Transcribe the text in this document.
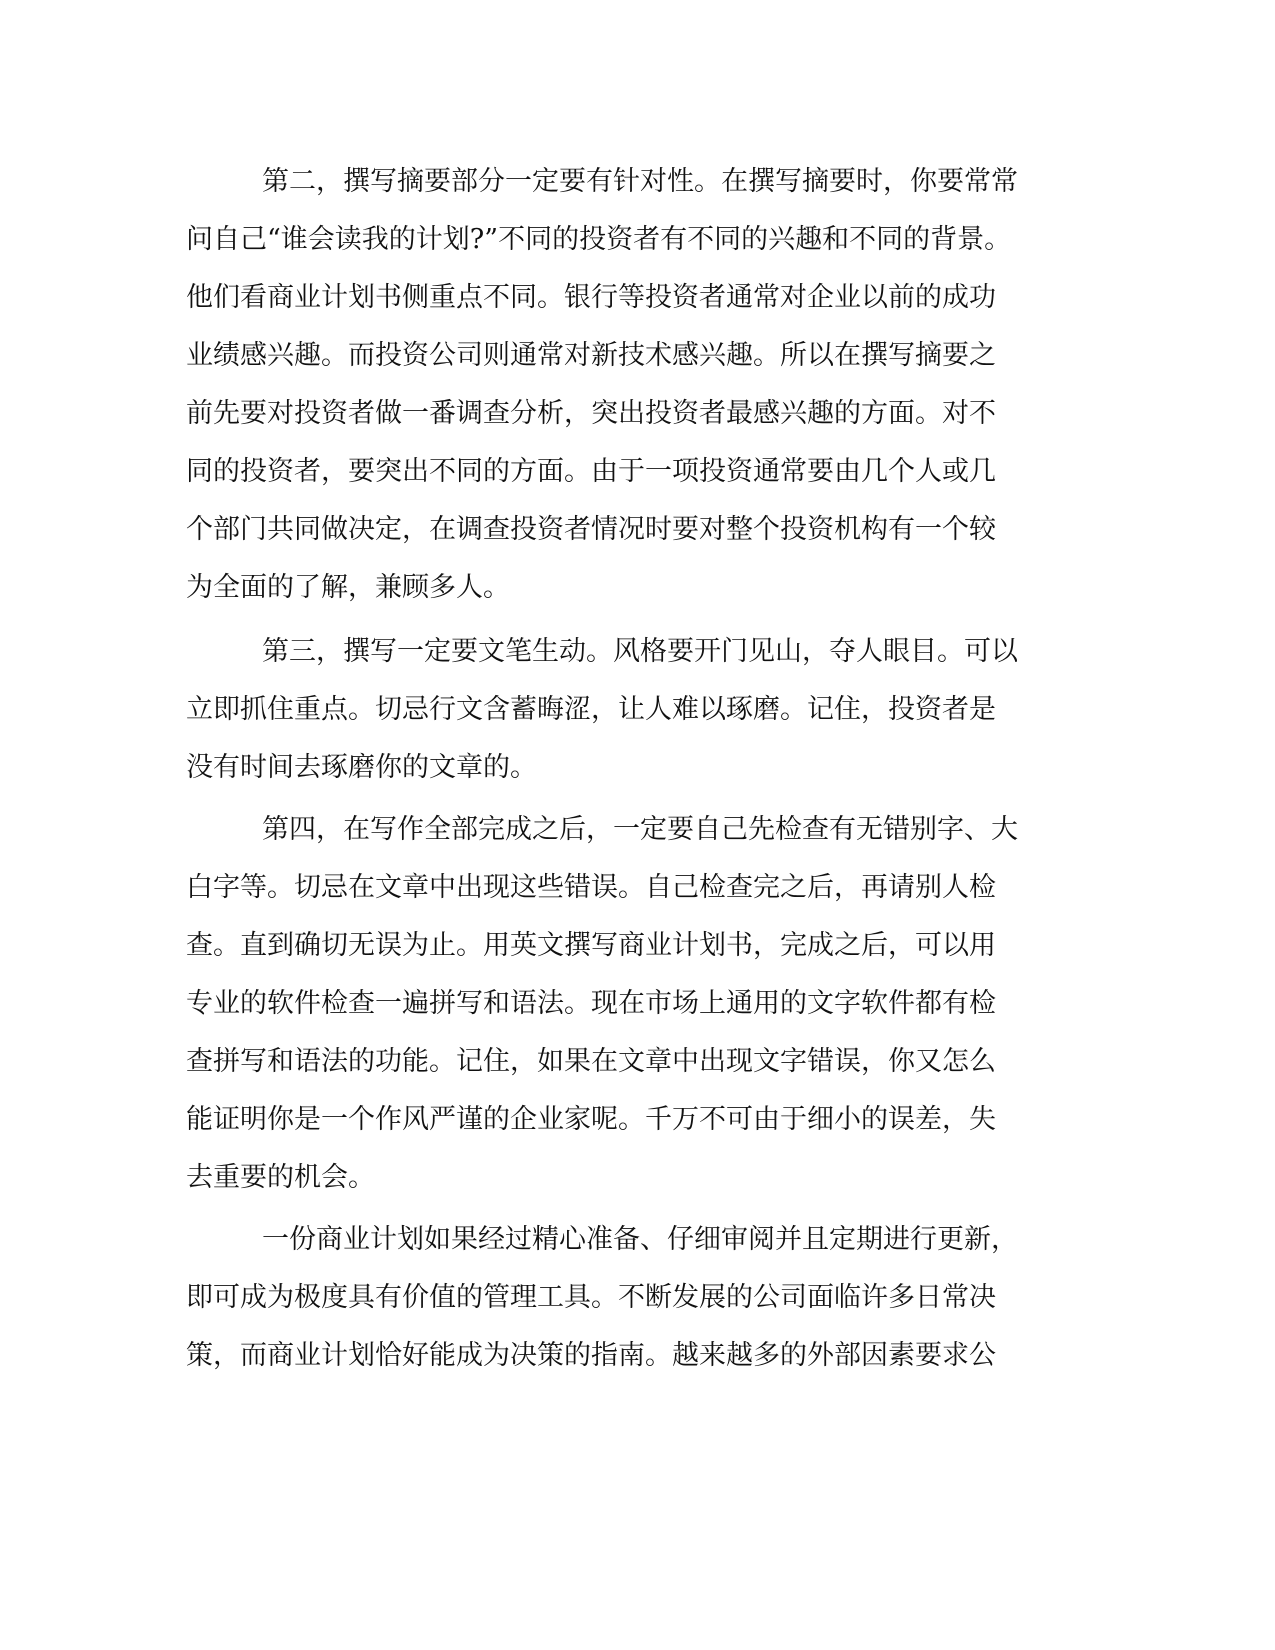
第二，撰写摘要部分一定要有针对性。在撰写摘要时，你要常常
问自己“谁会读我的计划?”不同的投资者有不同的兴趣和不同的背景。
他们看商业计划书侧重点不同。银行等投资者通常对企业以前的成功
业绩感兴趣。而投资公司则通常对新技术感兴趣。所以在撰写摘要之
前先要对投资者做一番调查分析，突出投资者最感兴趣的方面。对不
同的投资者，要突出不同的方面。由于一项投资通常要由几个人或几
个部门共同做决定，在调查投资者情况时要对整个投资机构有一个较
为全面的了解，兼顾多人。
第三，撰写一定要文笔生动。风格要开门见山，夺人眼目。可以
立即抓住重点。切忌行文含蓄晦涩，让人难以琢磨。记住，投资者是
没有时间去琢磨你的文章的。
第四，在写作全部完成之后，一定要自己先检查有无错别字、大
白字等。切忌在文章中出现这些错误。自己检查完之后，再请别人检
查。直到确切无误为止。用英文撰写商业计划书，完成之后，可以用
专业的软件检查一遍拼写和语法。现在市场上通用的文字软件都有检
查拼写和语法的功能。记住，如果在文章中出现文字错误，你又怎么
能证明你是一个作风严谨的企业家呢。千万不可由于细小的误差，失
去重要的机会。
一份商业计划如果经过精心准备、仔细审阅并且定期进行更新，
即可成为极度具有价值的管理工具。不断发展的公司面临许多日常决
策，而商业计划恰好能成为决策的指南。越来越多的外部因素要求公
